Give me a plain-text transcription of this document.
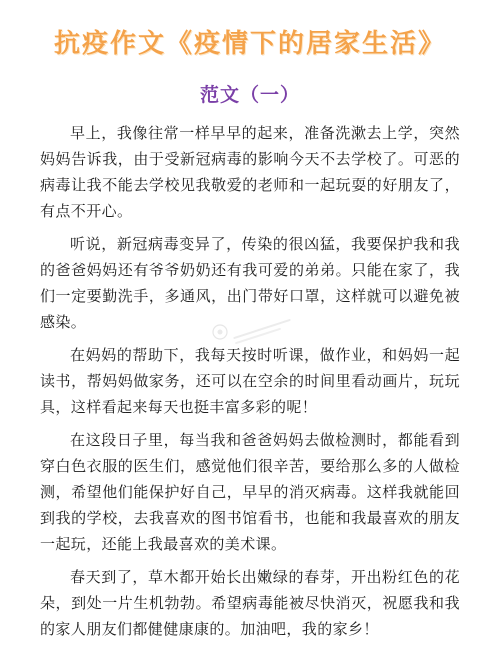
抗疫作文《疫情下的居家生活》
范文（一）

早上，我像往常一样早早的起来，准备洗漱去上学，突然妈妈告诉我，由于受新冠病毒的影响今天不去学校了。可恶的病毒让我不能去学校见我敬爱的老师和一起玩耍的好朋友了，有点不开心。

听说，新冠病毒变异了，传染的很凶猛，我要保护我和我的爸爸妈妈还有爷爷奶奶还有我可爱的弟弟。只能在家了，我们一定要勤洗手，多通风，出门带好口罩，这样就可以避免被感染。

在妈妈的帮助下，我每天按时听课，做作业，和妈妈一起读书，帮妈妈做家务，还可以在空余的时间里看动画片，玩玩具，这样看起来每天也挺丰富多彩的呢！

在这段日子里，每当我和爸爸妈妈去做检测时，都能看到穿白色衣服的医生们，感觉他们很辛苦，要给那么多的人做检测，希望他们能保护好自己，早早的消灭病毒。这样我就能回到我的学校，去我喜欢的图书馆看书，也能和我最喜欢的朋友一起玩，还能上我最喜欢的美术课。

春天到了，草木都开始长出嫩绿的春芽，开出粉红色的花朵，到处一片生机勃勃。希望病毒能被尽快消灭，祝愿我和我的家人朋友们都健健康康的。加油吧，我的家乡！
